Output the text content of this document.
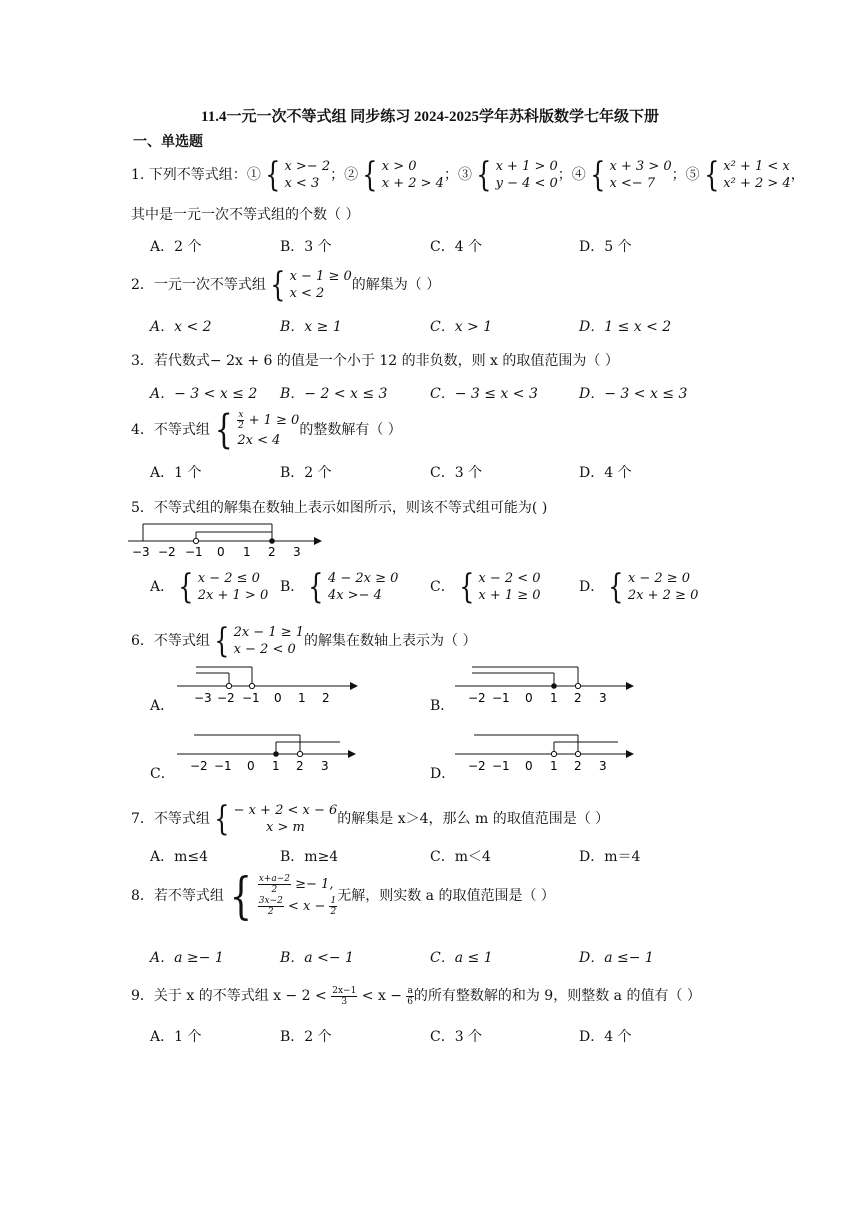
11.4一元一次不等式组 同步练习 2024-2025学年苏科版数学七年级下册
一、单选题
1. 下列不等式组：① { x >− 2
x < 3
；② { x > 0
x + 2 > 4
；③ { x + 1 > 0
y − 4 < 0
；④ { x + 3 > 0
x <− 7
；⑤ { x² + 1 < x
x² + 2 > 4
，
其中是一元一次不等式组的个数（ ）
A．2 个	B．3 个	C．4 个	D．5 个
2．一元一次不等式组 { x − 1 ≥ 0
x < 2
的解集为（ ）
A．x < 2	B．x ≥ 1	C．x > 1	D．1 ≤ x < 2
3．若代数式− 2x + 6 的值是一个小于 12 的非负数，则 x 的取值范围为（ ）
A．− 3 < x ≤ 2 B．− 2 < x ≤ 3	C．− 3 ≤ x < 3	D．− 3 < x ≤ 3
4．不等式组 { $\frac{x}{2} + 1 \ge 0$
2x < 4
的整数解有（ ）
A．1 个	B．2 个	C．3 个	D．4 个
5．不等式组的解集在数轴上表示如图所示，则该不等式组可能为( )
−3 −2 −1 0 1 2 3
A． { x − 2 ≤ 0
2x + 1 > 0
B． { 4 − 2x ≥ 0
4x >− 4
C． { x − 2 < 0
x + 1 ≥ 0
D． { x − 2 ≥ 0
2x + 2 ≥ 0
6．不等式组 { 2x − 1 ≥ 1
x − 2 < 0
的解集在数轴上表示为（ ）
A． −3 −2 −1 0 1 2	B． −2 −1 0 1 2 3
C． −2 −1 0 1 2 3	D． −2 −1 0 1 2 3
7．不等式组 { − x + 2 < x − 6
x > m
的解集是 x＞4，那么 m 的取值范围是（ ）
A．m≤4	B．m≥4	C．m＜4	D．m＝4
8．若不等式组 { $\frac{x+a-2}{2} \ge- 1$,
$\frac{3x-2}{2} < x - \frac{1}{2}$ 无解，则实数 a 的取值范围是（ ）
A．a ≥− 1	B．a <− 1	C．a ≤ 1	D．a ≤− 1
9．关于 x 的不等式组 $x - 2 < \frac{2x-1}{3} < x - \frac{a}{6}$ 的所有整数解的和为 9，则整数 a 的值有（ ）
A．1 个	B．2 个	C．3 个	D．4 个
